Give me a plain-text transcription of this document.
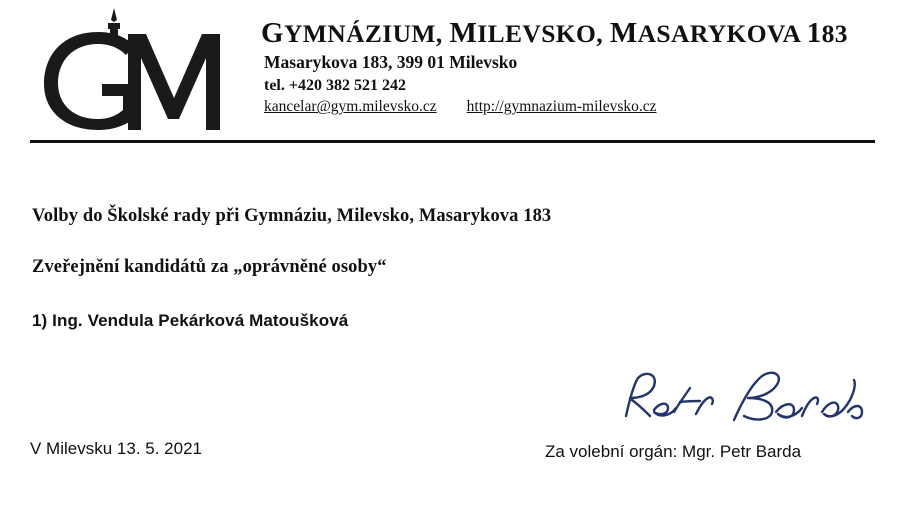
GYMNÁZIUM, MILEVSKO, MASARYKOVA 183
Masarykova 183, 399 01 Milevsko
tel. +420 382 521 242
kancelar@gym.milevsko.cz http://gymnazium-milevsko.cz
Volby do Školské rady při Gymnáziu, Milevsko, Masarykova 183
Zveřejnění kandidátů za „oprávněné osoby“
1) Ing. Vendula Pekárková Matoušková
V Milevsku 13. 5. 2021	Za volební orgán: Mgr. Petr Barda
